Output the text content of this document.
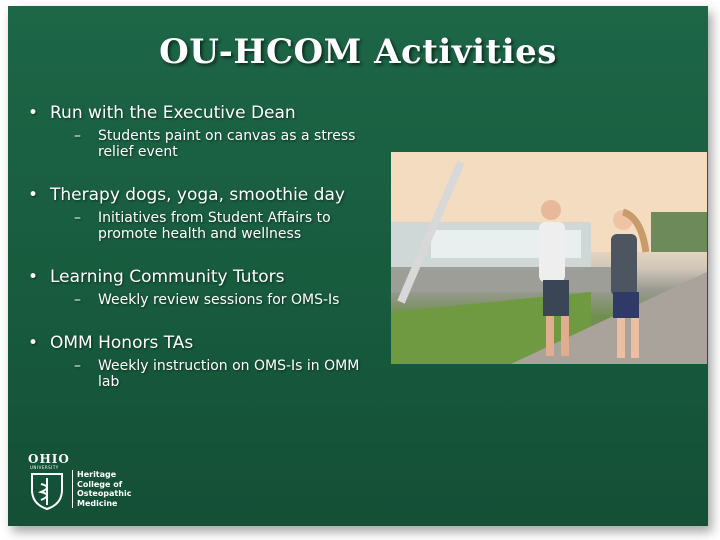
OU-HCOM Activities
• Run with the Executive Dean
– Students paint on canvas as a stress
relief event
• Therapy dogs, yoga, smoothie day
– Initiatives from Student Affairs to
promote health and wellness
• Learning Community Tutors
– Weekly review sessions for OMS-Is
• OMM Honors TAs
– Weekly instruction on OMS-Is in OMM
lab
OHIO
UNIVERSITY
Heritage
College of
Osteopathic
Medicine
